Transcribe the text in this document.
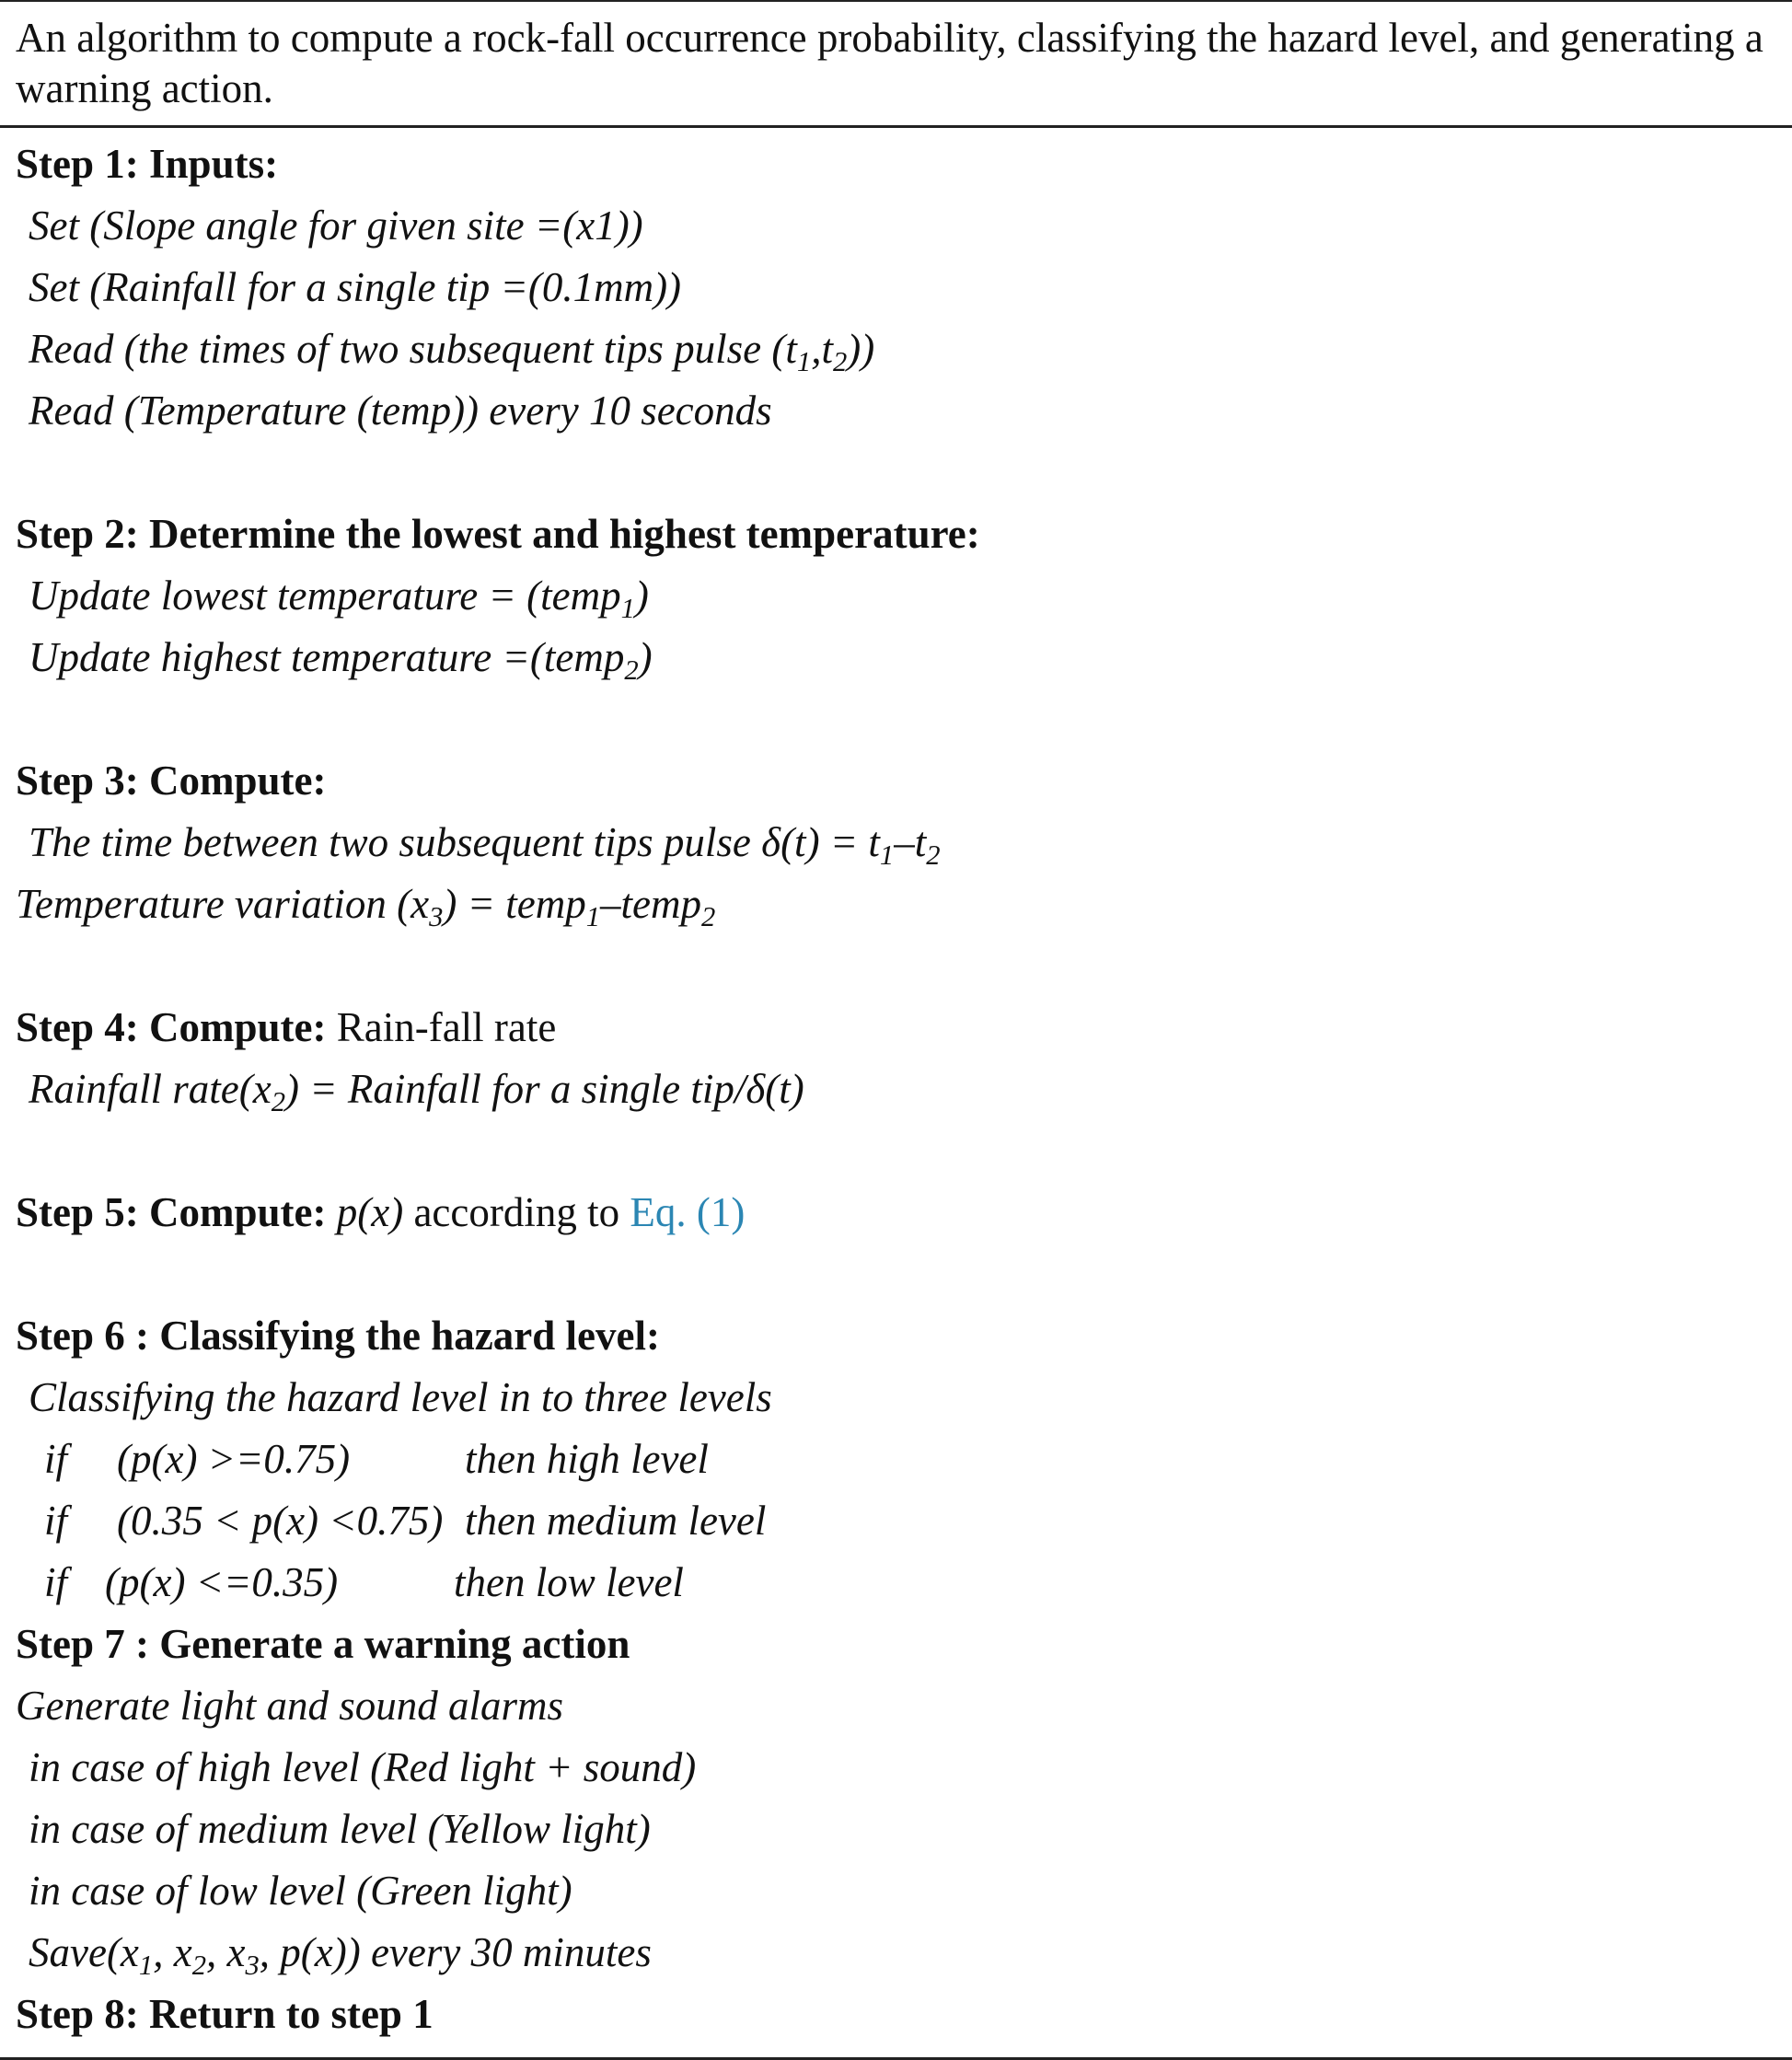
An algorithm to compute a rock-fall occurrence probability, classifying the hazard level, and generating a warning action.
Step 1: Inputs:
Set (Slope angle for given site =(x1))
Set (Rainfall for a single tip =(0.1mm))
Read (the times of two subsequent tips pulse $(t_1,t_2)$)
Read (Temperature (temp)) every 10 seconds
Step 2: Determine the lowest and highest temperature:
Update lowest temperature = (temp$_1$)
Update highest temperature =(temp$_2$)
Step 3: Compute:
The time between two subsequent tips pulse $\delta(t) = t_1-t_2$
Temperature variation $(x_3)$ = temp$_1$–temp$_2$
Step 4: Compute: Rain-fall rate
Rainfall $rate(x_2)$ = Rainfall for a single tip/δ(t)
Step 5: Compute: p(x) according to Eq. (1)
Step 6 : Classifying the hazard level:
Classifying the hazard level in to three levels
if (p(x) >=0.75)	then high level
if (0.35 < p(x) <0.75) then medium level
if (p(x) <=0.35)	then low level
Step 7 : Generate a warning action
Generate light and sound alarms
in case of high level (Red light + sound)
in case of medium level (Yellow light)
in case of low level (Green light)
$Save(x_1$, $x_2$, $x_3$, p(x)) every 30 minutes
Step 8: Return to step 1
